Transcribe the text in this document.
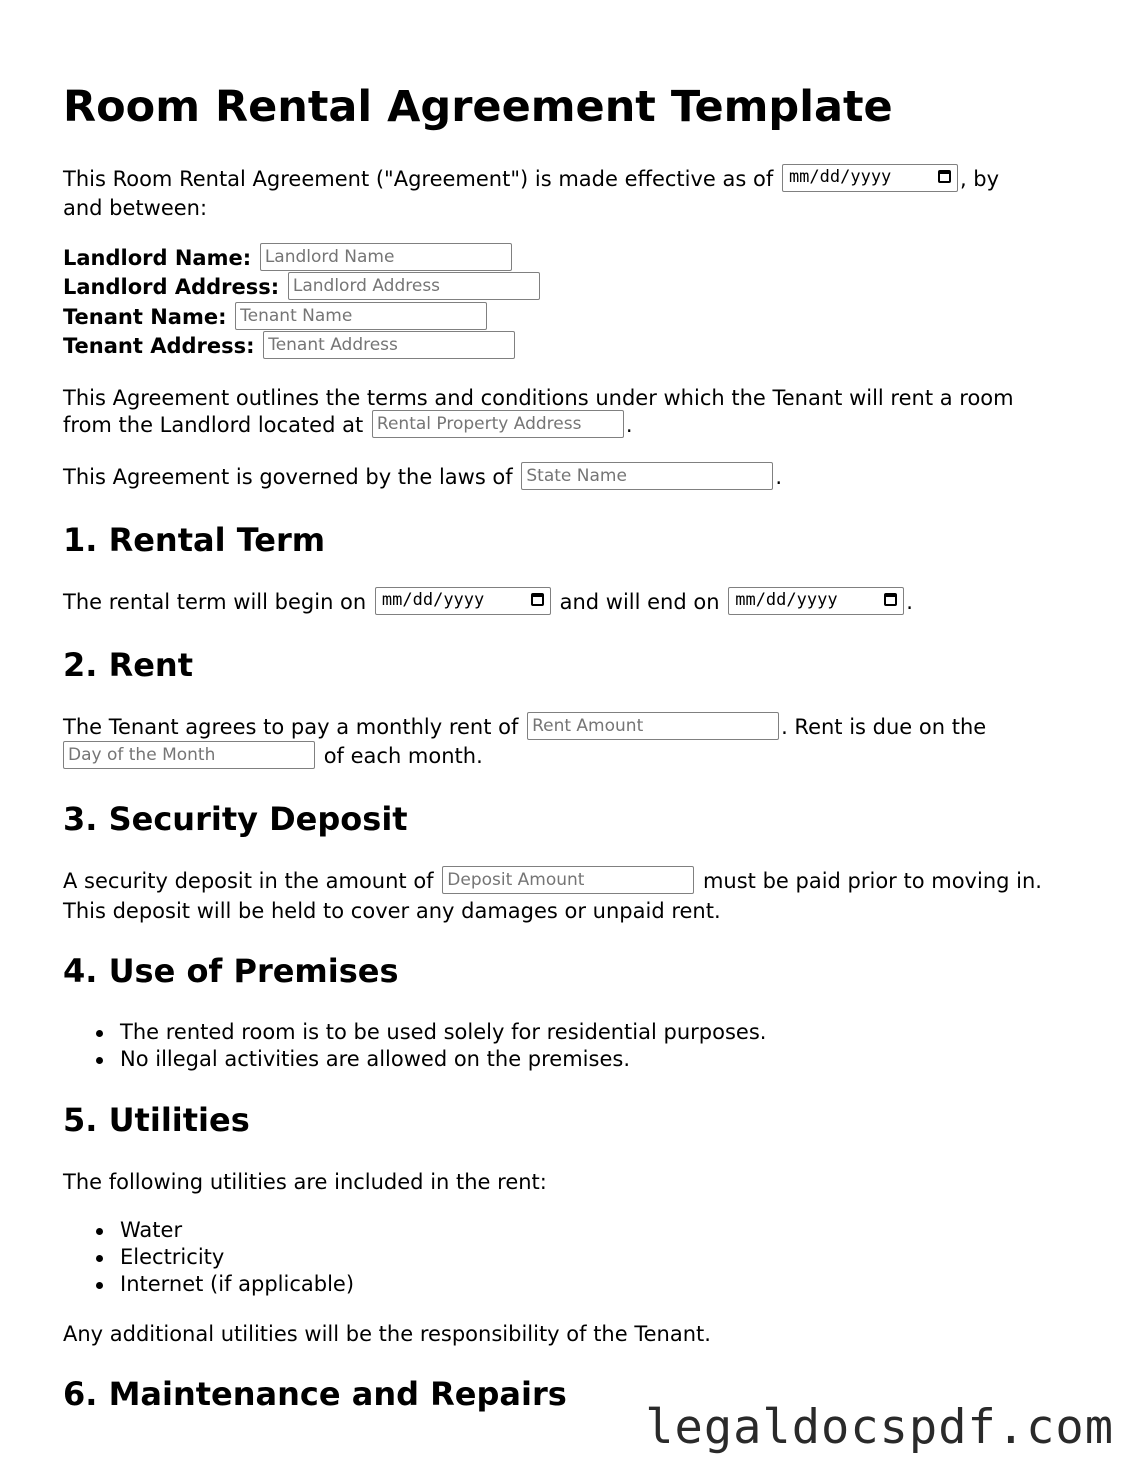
Room Rental Agreement Template
This Room Rental Agreement ("Agreement") is made effective as of mm/dd/yyyy	, by
and between:
Landlord Name: Landlord Name
Landlord Address: Landlord Address
Tenant Name: Tenant Name
Tenant Address: Tenant Address
This Agreement outlines the terms and conditions under which the Tenant will rent a room
from the Landlord located at Rental Property Address	.
This Agreement is governed by the laws of State Name	.
1. Rental Term
The rental term will begin on mm/dd/yyyy	and will end on mm/dd/yyyy	.
2. Rent
The Tenant agrees to pay a monthly rent of Rent Amount	. Rent is due on the
Day of the Month of each month.
3. Security Deposit
A security deposit in the amount of Deposit Amount	must be paid prior to moving in.
This deposit will be held to cover any damages or unpaid rent.
4. Use of Premises
The rented room is to be used solely for residential purposes.
No illegal activities are allowed on the premises.
5. Utilities
The following utilities are included in the rent:
Water
Electricity
Internet (if applicable)
Any additional utilities will be the responsibility of the Tenant.
6. Maintenance and Repairs
legaldocspdf.com
